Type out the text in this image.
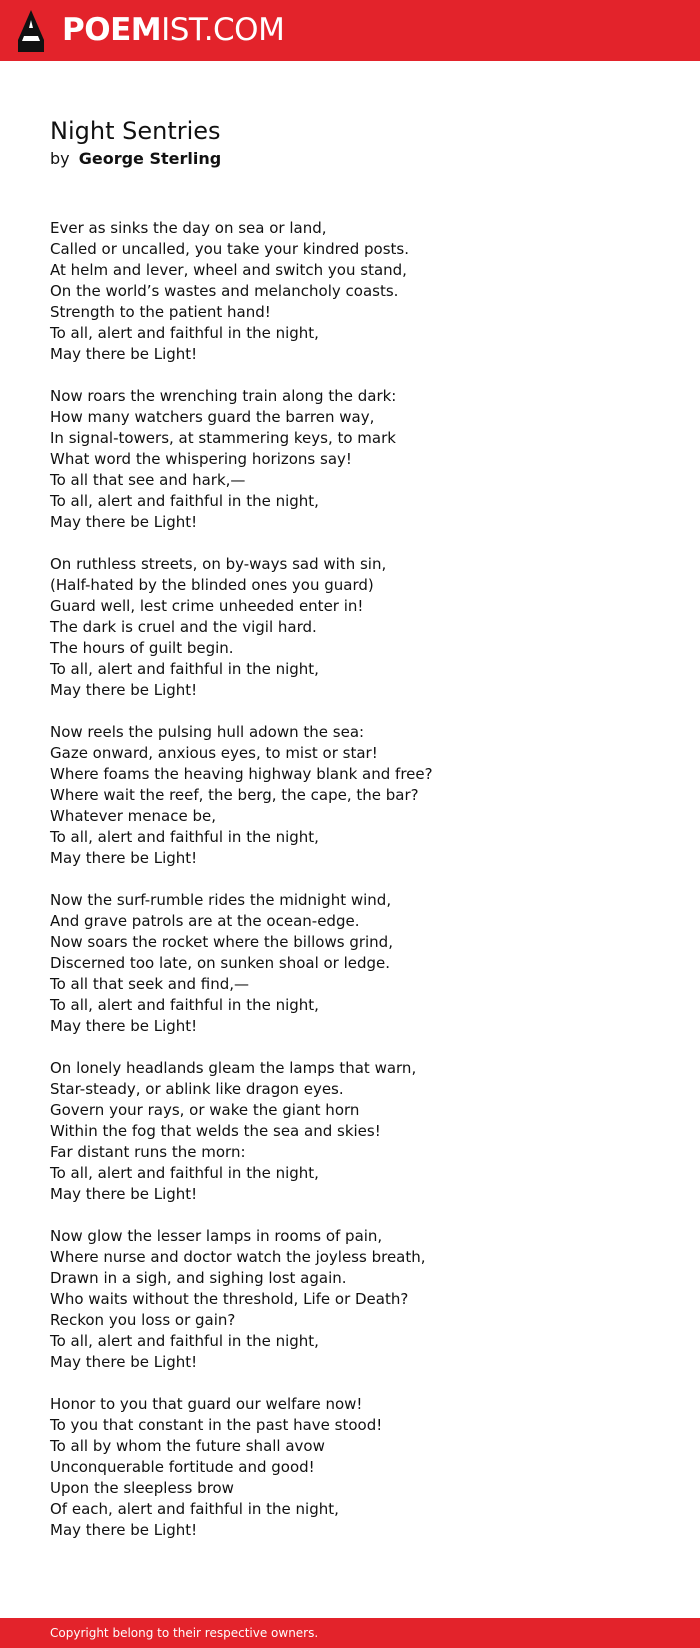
POEMIST.COM
Night Sentries
by George Sterling
Ever as sinks the day on sea or land,
Called or uncalled, you take your kindred posts.
At helm and lever, wheel and switch you stand,
On the world’s wastes and melancholy coasts.
Strength to the patient hand!
To all, alert and faithful in the night,
May there be Light!
Now roars the wrenching train along the dark:
How many watchers guard the barren way,
In signal-towers, at stammering keys, to mark
What word the whispering horizons say!
To all that see and hark,—
To all, alert and faithful in the night,
May there be Light!
On ruthless streets, on by-ways sad with sin,
(Half-hated by the blinded ones you guard)
Guard well, lest crime unheeded enter in!
The dark is cruel and the vigil hard.
The hours of guilt begin.
To all, alert and faithful in the night,
May there be Light!
Now reels the pulsing hull adown the sea:
Gaze onward, anxious eyes, to mist or star!
Where foams the heaving highway blank and free?
Where wait the reef, the berg, the cape, the bar?
Whatever menace be,
To all, alert and faithful in the night,
May there be Light!
Now the surf-rumble rides the midnight wind,
And grave patrols are at the ocean-edge.
Now soars the rocket where the billows grind,
Discerned too late, on sunken shoal or ledge.
To all that seek and find,—
To all, alert and faithful in the night,
May there be Light!
On lonely headlands gleam the lamps that warn,
Star-steady, or ablink like dragon eyes.
Govern your rays, or wake the giant horn
Within the fog that welds the sea and skies!
Far distant runs the morn:
To all, alert and faithful in the night,
May there be Light!
Now glow the lesser lamps in rooms of pain,
Where nurse and doctor watch the joyless breath,
Drawn in a sigh, and sighing lost again.
Who waits without the threshold, Life or Death?
Reckon you loss or gain?
To all, alert and faithful in the night,
May there be Light!
Honor to you that guard our welfare now!
To you that constant in the past have stood!
To all by whom the future shall avow
Unconquerable fortitude and good!
Upon the sleepless brow
Of each, alert and faithful in the night,
May there be Light!
Copyright belong to their respective owners.
